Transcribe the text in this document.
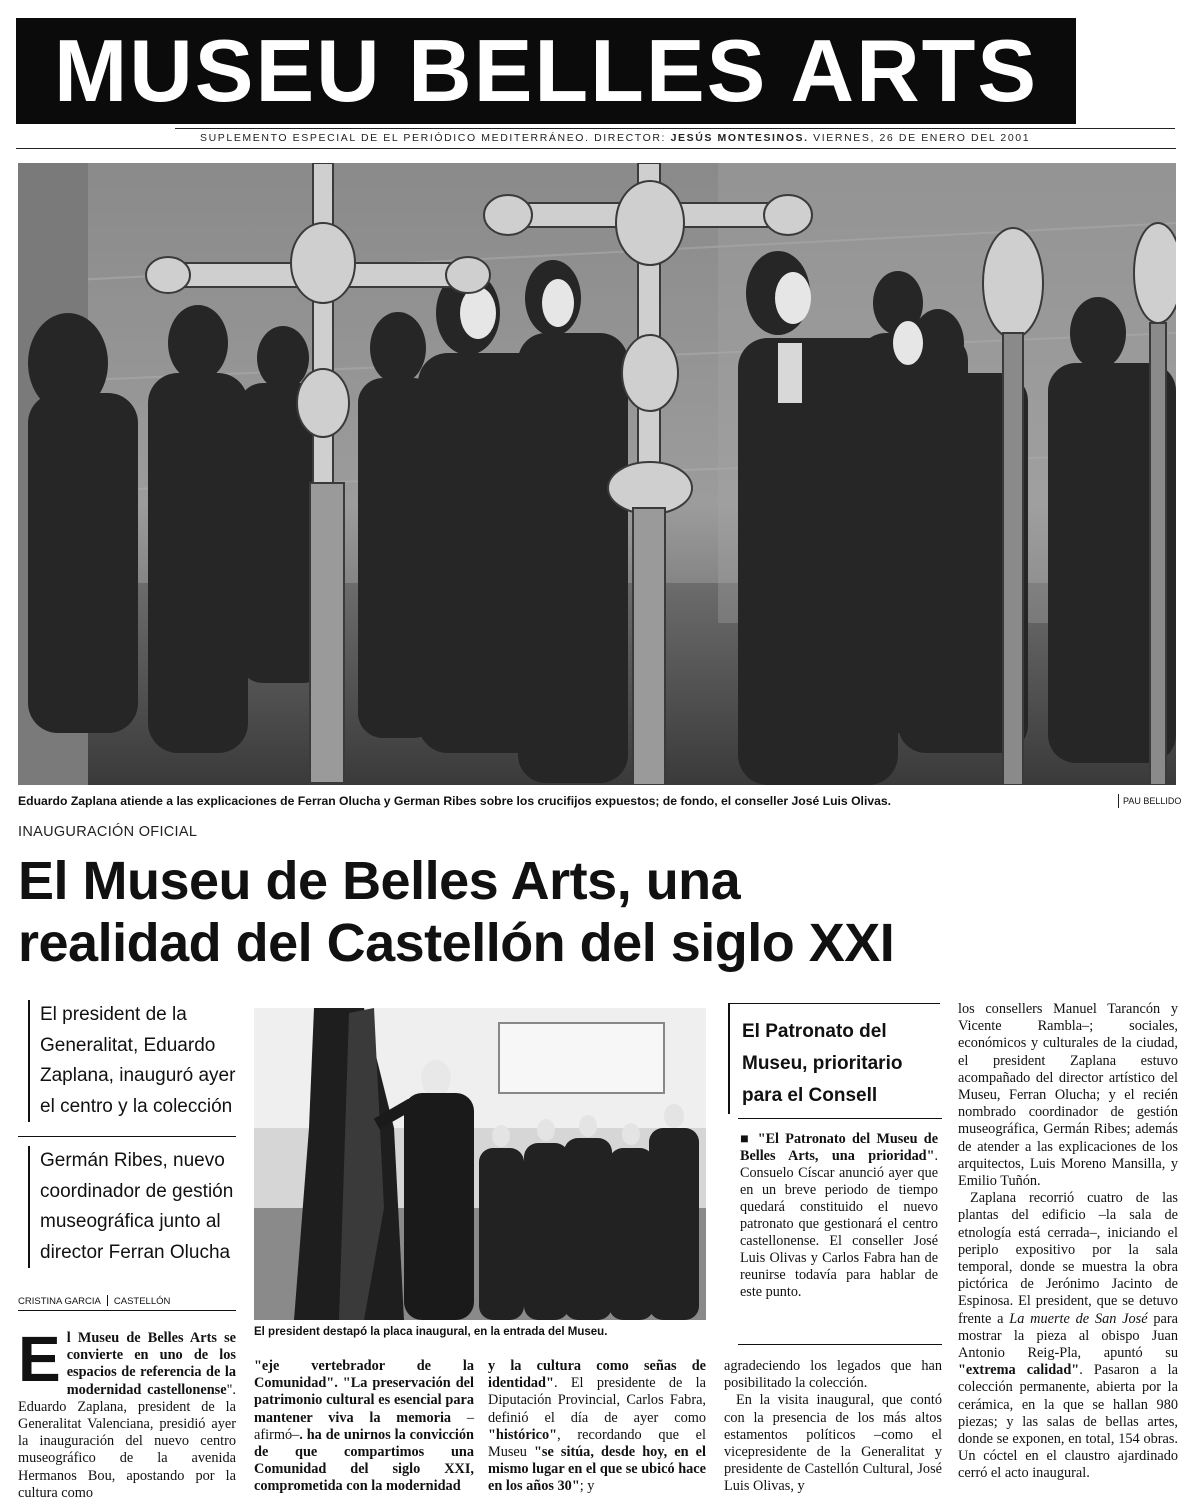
MUSEU BELLES ARTS
SUPLEMENTO ESPECIAL DE EL PERIÓDICO MEDITERRÁNEO. DIRECTOR: JESÚS MONTESINOS. VIERNES, 26 DE ENERO DEL 2001
Eduardo Zaplana atiende a las explicaciones de Ferran Olucha y German Ribes sobre los crucifijos expuestos; de fondo, el conseller José Luis Olivas.	PAU BELLIDO
INAUGURACIÓN OFICIAL
El Museu de Belles Arts, una
realidad del Castellón del siglo XXI
El president de la Generalitat, Eduardo Zaplana, inauguró ayer el centro y la colección
Germán Ribes, nuevo coordinador de gestión museográfica junto al director Ferran Olucha
CRISTINA GARCIA CASTELLÓN
El president destapó la placa inaugural, en la entrada del Museu.
El Patronato del Museu, prioritario para el Consell
■ "El Patronato del Museu de Belles Arts, una prioridad". Consuelo Císcar anunció ayer que en un breve periodo de tiempo quedará constituido el nuevo patronato que gestionará el centro castellonense. El conseller José Luis Olivas y Carlos Fabra han de reunirse todavía para hablar de este punto.

los consellers Manuel Tarancón y Vicente Rambla–; sociales, económicos y culturales de la ciudad, el president Zaplana estuvo acompañado del director artístico del Museu, Ferran Olucha; y el recién nombrado coordinador de gestión museográfica, Germán Ribes; además de atender a las explicaciones de los arquitectos, Luis Moreno Mansilla, y Emilio Tuñón.

Zaplana recorrió cuatro de las plantas del edificio –la sala de etnología está cerrada–, iniciando el periplo expositivo por la sala temporal, donde se muestra la obra pictórica de Jerónimo Jacinto de Espinosa. El president, que se detuvo frente a La muerte de San José para mostrar la pieza al obispo Juan Antonio Reig-Pla, apuntó su "extrema calidad". Pasaron a la colección permanente, abierta por la cerámica, en la que se hallan 980 piezas; y las salas de bellas artes, donde se exponen, en total, 154 obras. Un cóctel en el claustro ajardinado cerró el acto inaugural.

El Museu de Belles Arts se convierte en uno de los espacios de referencia de la modernidad castellonense". Eduardo Zaplana, president de la Generalitat Valenciana, presidió ayer la inauguración del nuevo centro museográfico de la avenida Hermanos Bou, apostando por la cultura como
"eje vertebrador de la Comunidad". "La preservación del patrimonio cultural es esencial para mantener viva la memoria –afirmó–. ha de unirnos la convicción de que compartimos una Comunidad del siglo XXI, comprometida con la modernidad
y la cultura como señas de identidad". El presidente de la Diputación Provincial, Carlos Fabra, definió el día de ayer como "histórico", recordando que el Museu "se sitúa, desde hoy, en el mismo lugar en el que se ubicó hace en los años 30"; y
agradeciendo los legados que han posibilitado la colección.
En la visita inaugural, que contó con la presencia de los más altos estamentos políticos –como el vicepresidente de la Generalitat y presidente de Castellón Cultural, José Luis Olivas, y
